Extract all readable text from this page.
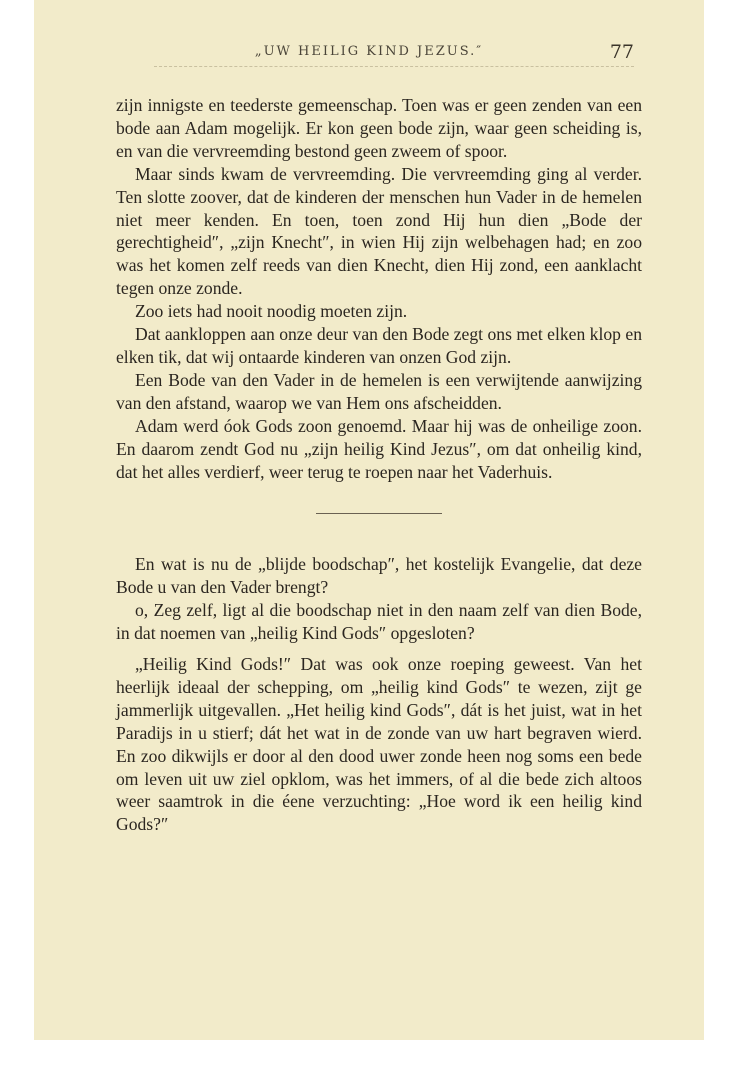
„UW HEILIG KIND JEZUS.″	77

zijn innigste en teederste gemeenschap. Toen was er geen zenden van een bode aan Adam mogelijk. Er kon geen bode zijn, waar geen scheiding is, en van die vervreemding bestond geen zweem of spoor.

Maar sinds kwam de vervreemding. Die vervreemding ging al verder. Ten slotte zoover, dat de kinderen der menschen hun Vader in de hemelen niet meer kenden. En toen, toen zond Hij hun dien „Bode der gerechtigheid″, „zijn Knecht″, in wien Hij zijn welbehagen had; en zoo was het komen zelf reeds van dien Knecht, dien Hij zond, een aanklacht tegen onze zonde.

Zoo iets had nooit noodig moeten zijn.

Dat aankloppen aan onze deur van den Bode zegt ons met elken klop en elken tik, dat wij ontaarde kinderen van onzen God zijn.

Een Bode van den Vader in de hemelen is een verwijtende aanwijzing van den afstand, waarop we van Hem ons afscheidden.

Adam werd óok Gods zoon genoemd. Maar hij was de onheilige zoon. En daarom zendt God nu „zijn heilig Kind Jezus″, om dat onheilig kind, dat het alles verdierf, weer terug te roepen naar het Vaderhuis.

En wat is nu de „blijde boodschap″, het kostelijk Evangelie, dat deze Bode u van den Vader brengt?

o, Zeg zelf, ligt al die boodschap niet in den naam zelf van dien Bode, in dat noemen van „heilig Kind Gods″ opgesloten?

„Heilig Kind Gods!″ Dat was ook onze roeping geweest. Van het heerlijk ideaal der schepping, om „heilig kind Gods″ te wezen, zijt ge jammerlijk uitgevallen. „Het heilig kind Gods″, dát is het juist, wat in het Paradijs in u stierf; dát het wat in de zonde van uw hart begraven wierd. En zoo dikwijls er door al den dood uwer zonde heen nog soms een bede om leven uit uw ziel opklom, was het immers, of al die bede zich altoos weer saamtrok in die éene verzuchting: „Hoe word ik een heilig kind Gods?″
